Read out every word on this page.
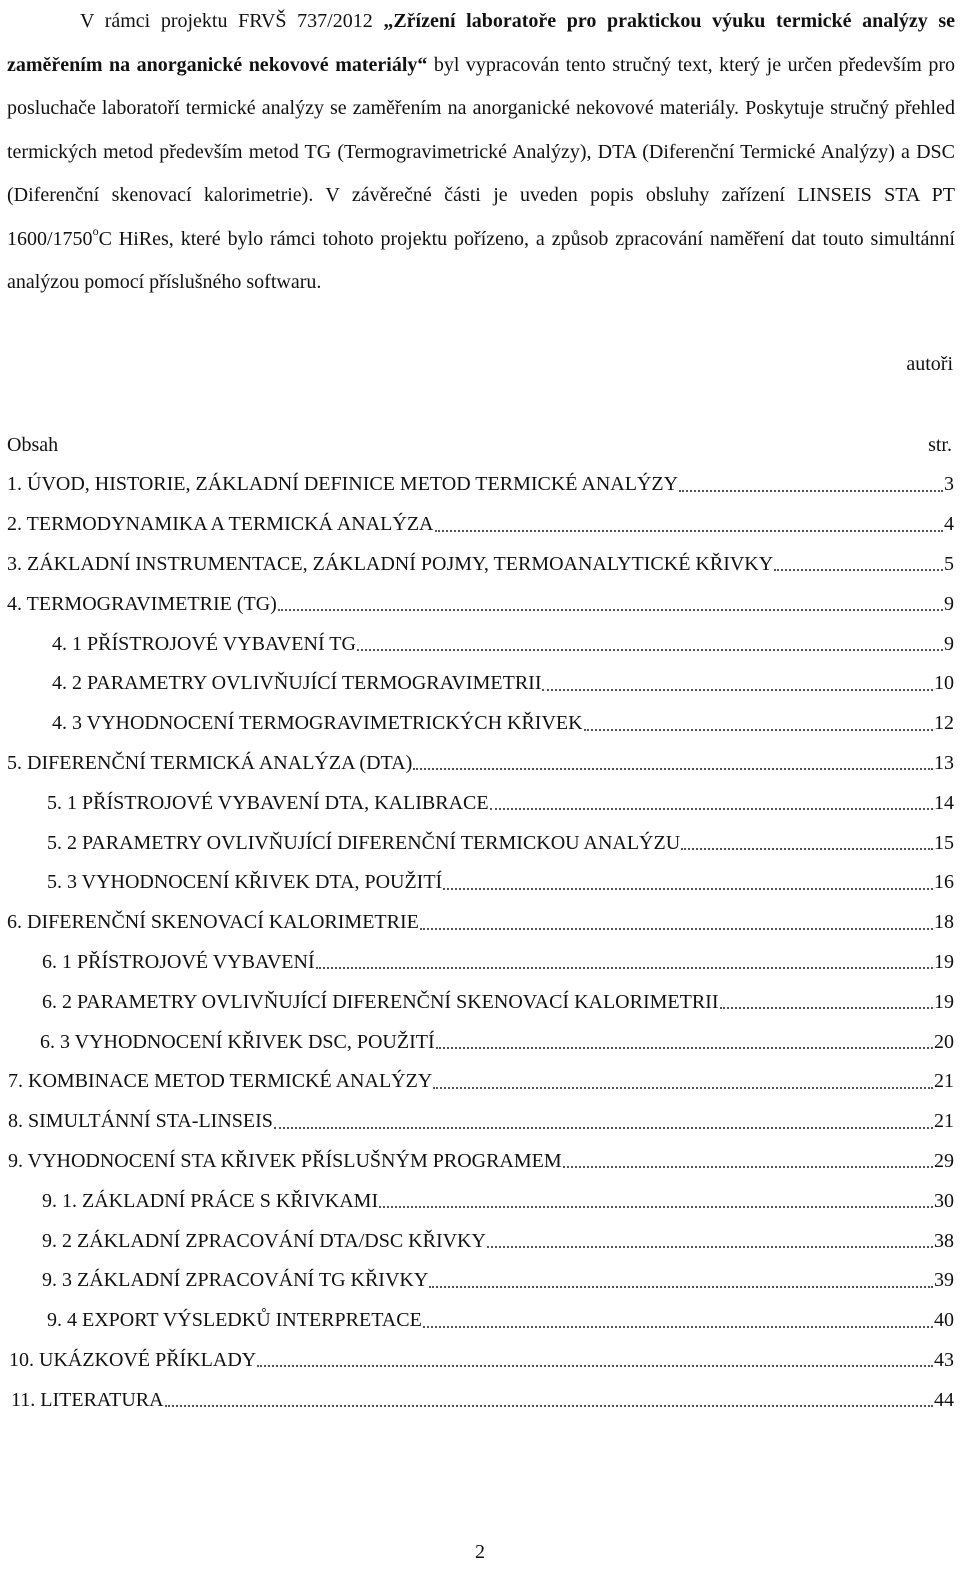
V rámci projektu FRVŠ 737/2012 „Zřízení laboratoře pro praktickou výuku termické analýzy se zaměřením na anorganické nekovové materiály“ byl vypracován tento stručný text, který je určen především pro posluchače laboratoří termické analýzy se zaměřením na anorganické nekovové materiály. Poskytuje stručný přehled termických metod především metod TG (Termogravimetrické Analýzy), DTA (Diferenční Termické Analýzy) a DSC (Diferenční skenovací kalorimetrie). V závěrečné části je uveden popis obsluhy zařízení LINSEIS STA PT 1600/1750$^o$C HiRes, které bylo rámci tohoto projektu pořízeno, a způsob zpracování naměření dat touto simultánní analýzou pomocí příslušného softwaru.

autoři
Obsah	str.
1. ÚVOD, HISTORIE, ZÁKLADNÍ DEFINICE METOD TERMICKÉ ANALÝZY	3
2. TERMODYNAMIKA A TERMICKÁ ANALÝZA	4
3. ZÁKLADNÍ INSTRUMENTACE, ZÁKLADNÍ POJMY, TERMOANALYTICKÉ KŘIVKY	5
4. TERMOGRAVIMETRIE (TG)	9
4. 1 PŘÍSTROJOVÉ VYBAVENÍ TG	9
4. 2 PARAMETRY OVLIVŇUJÍCÍ TERMOGRAVIMETRII	10
4. 3 VYHODNOCENÍ TERMOGRAVIMETRICKÝCH KŘIVEK	12
5. DIFERENČNÍ TERMICKÁ ANALÝZA (DTA)	13
5. 1 PŘÍSTROJOVÉ VYBAVENÍ DTA, KALIBRACE	14
5. 2 PARAMETRY OVLIVŇUJÍCÍ DIFERENČNÍ TERMICKOU ANALÝZU	15
5. 3 VYHODNOCENÍ KŘIVEK DTA, POUŽITÍ	16
6. DIFERENČNÍ SKENOVACÍ KALORIMETRIE	18
6. 1 PŘÍSTROJOVÉ VYBAVENÍ	19
6. 2 PARAMETRY OVLIVŇUJÍCÍ DIFERENČNÍ SKENOVACÍ KALORIMETRII	19
6. 3 VYHODNOCENÍ KŘIVEK DSC, POUŽITÍ	20
7. KOMBINACE METOD TERMICKÉ ANALÝZY	21
8. SIMULTÁNNÍ STA-LINSEIS	21
9. VYHODNOCENÍ STA KŘIVEK PŘÍSLUŠNÝM PROGRAMEM	29
9. 1. ZÁKLADNÍ PRÁCE S KŘIVKAMI	30
9. 2 ZÁKLADNÍ ZPRACOVÁNÍ DTA/DSC KŘIVKY	38
9. 3 ZÁKLADNÍ ZPRACOVÁNÍ TG KŘIVKY	39
9. 4 EXPORT VÝSLEDKŮ INTERPRETACE	40
10. UKÁZKOVÉ PŘÍKLADY	43
11. LITERATURA	44
2
